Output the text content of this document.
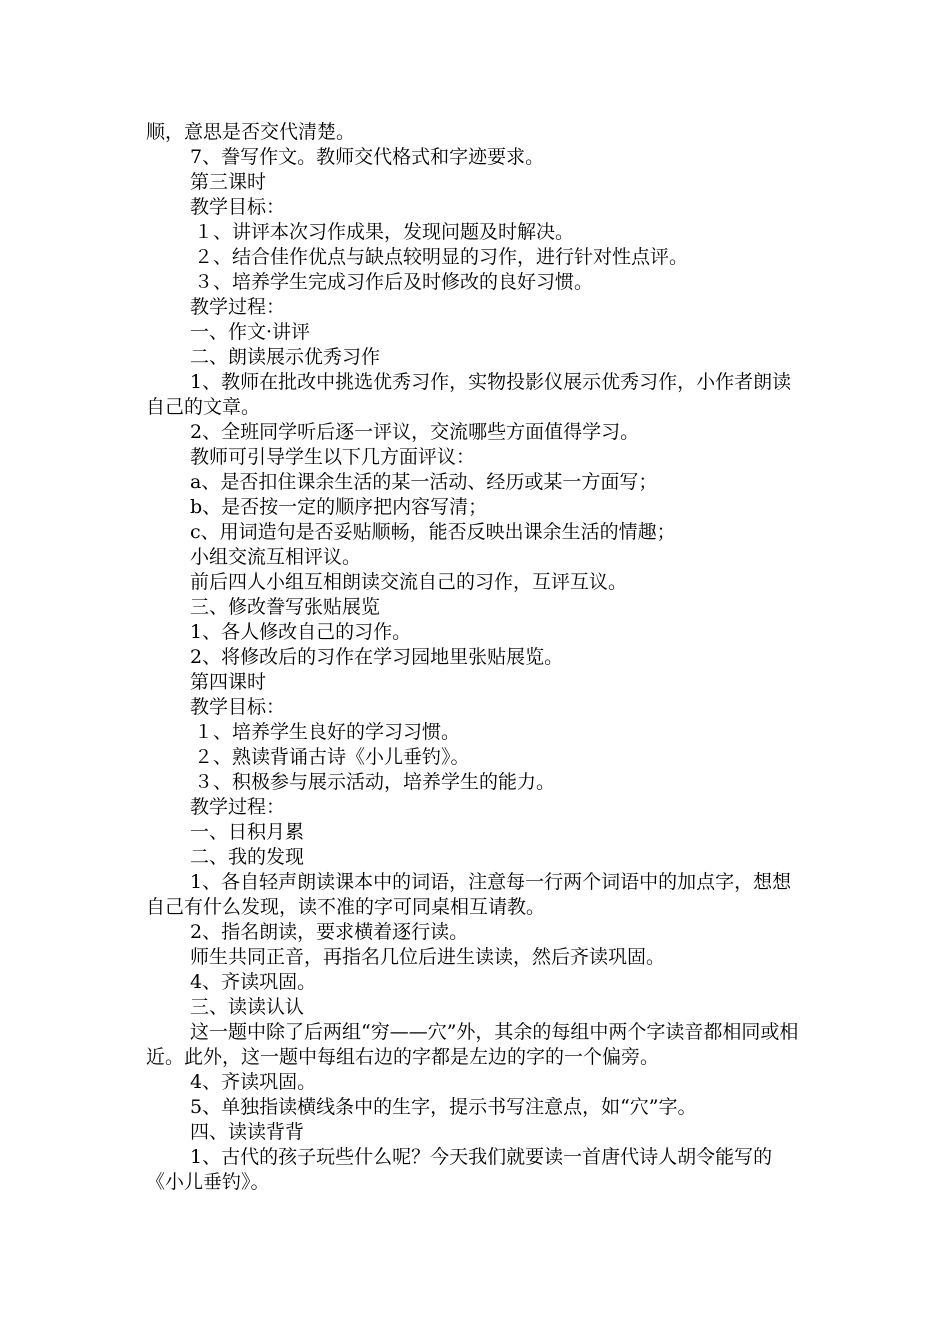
顺，意思是否交代清楚。

7、誊写作文。教师交代格式和字迹要求。

第三课时

教学目标：

１、讲评本次习作成果，发现问题及时解决。

２、结合佳作优点与缺点较明显的习作，进行针对性点评。

３、培养学生完成习作后及时修改的良好习惯。

教学过程：

一、作文·讲评

二、朗读展示优秀习作

1、教师在批改中挑选优秀习作，实物投影仪展示优秀习作，小作者朗读自己的文章。

2、全班同学听后逐一评议，交流哪些方面值得学习。

教师可引导学生以下几方面评议：

a、是否扣住课余生活的某一活动、经历或某一方面写；

b、是否按一定的顺序把内容写清；

c、用词造句是否妥贴顺畅，能否反映出课余生活的情趣；

小组交流互相评议。

前后四人小组互相朗读交流自己的习作，互评互议。

三、修改誊写张贴展览

1、各人修改自己的习作。

2、将修改后的习作在学习园地里张贴展览。

第四课时

教学目标：

１、培养学生良好的学习习惯。

２、熟读背诵古诗《小儿垂钓》。

３、积极参与展示活动，培养学生的能力。

教学过程：

一、日积月累

二、我的发现

1、各自轻声朗读课本中的词语，注意每一行两个词语中的加点字，想想自己有什么发现，读不准的字可同桌相互请教。

2、指名朗读，要求横着逐行读。

师生共同正音，再指名几位后进生读读，然后齐读巩固。

4、齐读巩固。

三、读读认认

这一题中除了后两组“穷——穴”外，其余的每组中两个字读音都相同或相近。此外，这一题中每组右边的字都是左边的字的一个偏旁。

4、齐读巩固。

5、单独指读横线条中的生字，提示书写注意点，如“穴”字。

四、读读背背

1、古代的孩子玩些什么呢？今天我们就要读一首唐代诗人胡令能写的《小儿垂钓》。
